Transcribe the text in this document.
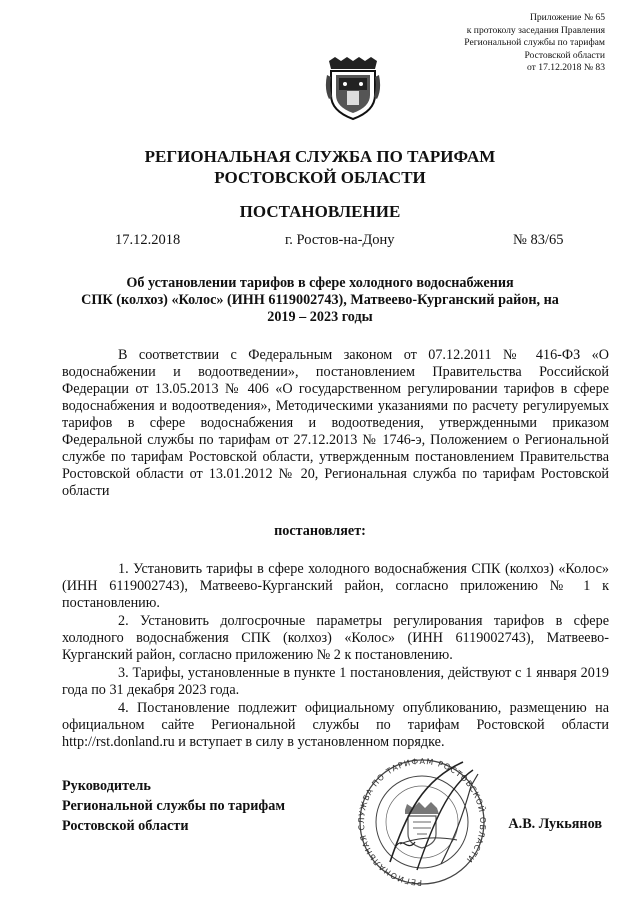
Приложение № 65
к протоколу заседания Правления
Региональной службы по тарифам
Ростовской области
от 17.12.2018 № 83
РЕГИОНАЛЬНАЯ СЛУЖБА ПО ТАРИФАМ
РОСТОВСКОЙ ОБЛАСТИ
ПОСТАНОВЛЕНИЕ
17.12.2018	г. Ростов-на-Дону	№ 83/65
Об установлении тарифов в сфере холодного водоснабжения
СПК (колхоз) «Колос» (ИНН 6119002743), Матвеево-Курганский район, на
2019 – 2023 годы
В соответствии с Федеральным законом от 07.12.2011 № 416-ФЗ «О водоснабжении и водоотведении», постановлением Правительства Российской Федерации от 13.05.2013 № 406 «О государственном регулировании тарифов в сфере водоснабжения и водоотведения», Методическими указаниями по расчету регулируемых тарифов в сфере водоснабжения и водоотведения, утвержденными приказом Федеральной службы по тарифам от 27.12.2013 № 1746-э, Положением о Региональной службе по тарифам Ростовской области, утвержденным постановлением Правительства Ростовской области от 13.01.2012 № 20, Региональная служба по тарифам Ростовской области
постановляет:
1. Установить тарифы в сфере холодного водоснабжения СПК (колхоз) «Колос» (ИНН 6119002743), Матвеево-Курганский район, согласно приложению № 1 к постановлению.
2. Установить долгосрочные параметры регулирования тарифов в сфере холодного водоснабжения СПК (колхоз) «Колос» (ИНН 6119002743), Матвеево-Курганский район, согласно приложению № 2 к постановлению.
3. Тарифы, установленные в пункте 1 постановления, действуют с 1 января 2019 года по 31 декабря 2023 года.
4. Постановление подлежит официальному опубликованию, размещению на официальном сайте Региональной службы по тарифам Ростовской области http://rst.donland.ru и вступает в силу в установленном порядке.
Руководитель
Региональной службы по тарифам
Ростовской области	А.В. Лукьянов
РЕГИОНАЛЬНАЯ СЛУЖБА ПО ТАРИФАМ РОСТОВСКОЙ ОБЛАСТИ
